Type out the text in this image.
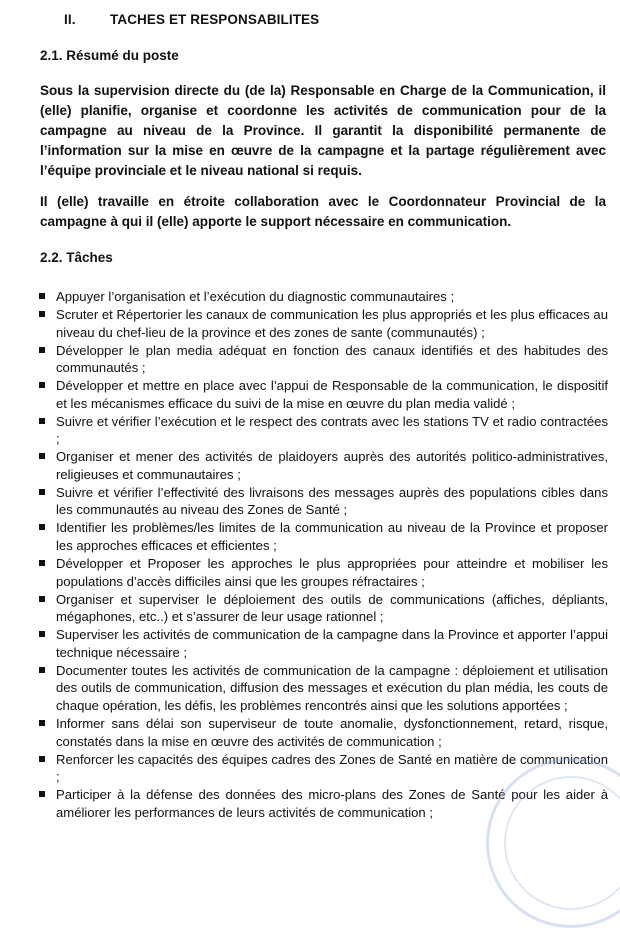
II.	TACHES ET RESPONSABILITES
2.1. Résumé du poste
Sous la supervision directe du (de la) Responsable en Charge de la Communication, il (elle) planifie, organise et coordonne les activités de communication pour de la campagne au niveau de la Province. Il garantit la disponibilité permanente de l’information sur la mise en œuvre de la campagne et la partage régulièrement avec l’équipe provinciale et le niveau national si requis.
Il (elle) travaille en étroite collaboration avec le Coordonnateur Provincial de la campagne à qui il (elle) apporte le support nécessaire en communication.
2.2. Tâches
Appuyer l’organisation et l’exécution du diagnostic communautaires ;
Scruter et Répertorier les canaux de communication les plus appropriés et les plus efficaces au niveau du chef-lieu de la province et des zones de sante (communautés) ;
Développer le plan media adéquat en fonction des canaux identifiés et des habitudes des communautés ;
Développer et mettre en place avec l’appui de Responsable de la communication, le dispositif et les mécanismes efficace du suivi de la mise en œuvre du plan media validé ;
Suivre et vérifier l’exécution et le respect des contrats avec les stations TV et radio contractées ;
Organiser et mener des activités de plaidoyers auprès des autorités politico-administratives, religieuses et communautaires ;
Suivre et vérifier l’effectivité des livraisons des messages auprès des populations cibles dans les communautés au niveau des Zones de Santé ;
Identifier les problèmes/les limites de la communication au niveau de la Province et proposer les approches efficaces et efficientes ;
Développer et Proposer les approches le plus appropriées pour atteindre et mobiliser les populations d’accès difficiles ainsi que les groupes réfractaires ;
Organiser et superviser le déploiement des outils de communications (affiches, dépliants, mégaphones, etc..) et s’assurer de leur usage rationnel ;
Superviser les activités de communication de la campagne dans la Province et apporter l’appui technique nécessaire ;
Documenter toutes les activités de communication de la campagne : déploiement et utilisation des outils de communication, diffusion des messages et exécution du plan média, les couts de chaque opération, les défis, les problèmes rencontrés ainsi que les solutions apportées ;
Informer sans délai son superviseur de toute anomalie, dysfonctionnement, retard, risque, constatés dans la mise en œuvre des activités de communication ;
Renforcer les capacités des équipes cadres des Zones de Santé en matière de communication ;
Participer à la défense des données des micro-plans des Zones de Santé pour les aider à améliorer les performances de leurs activités de communication ;
